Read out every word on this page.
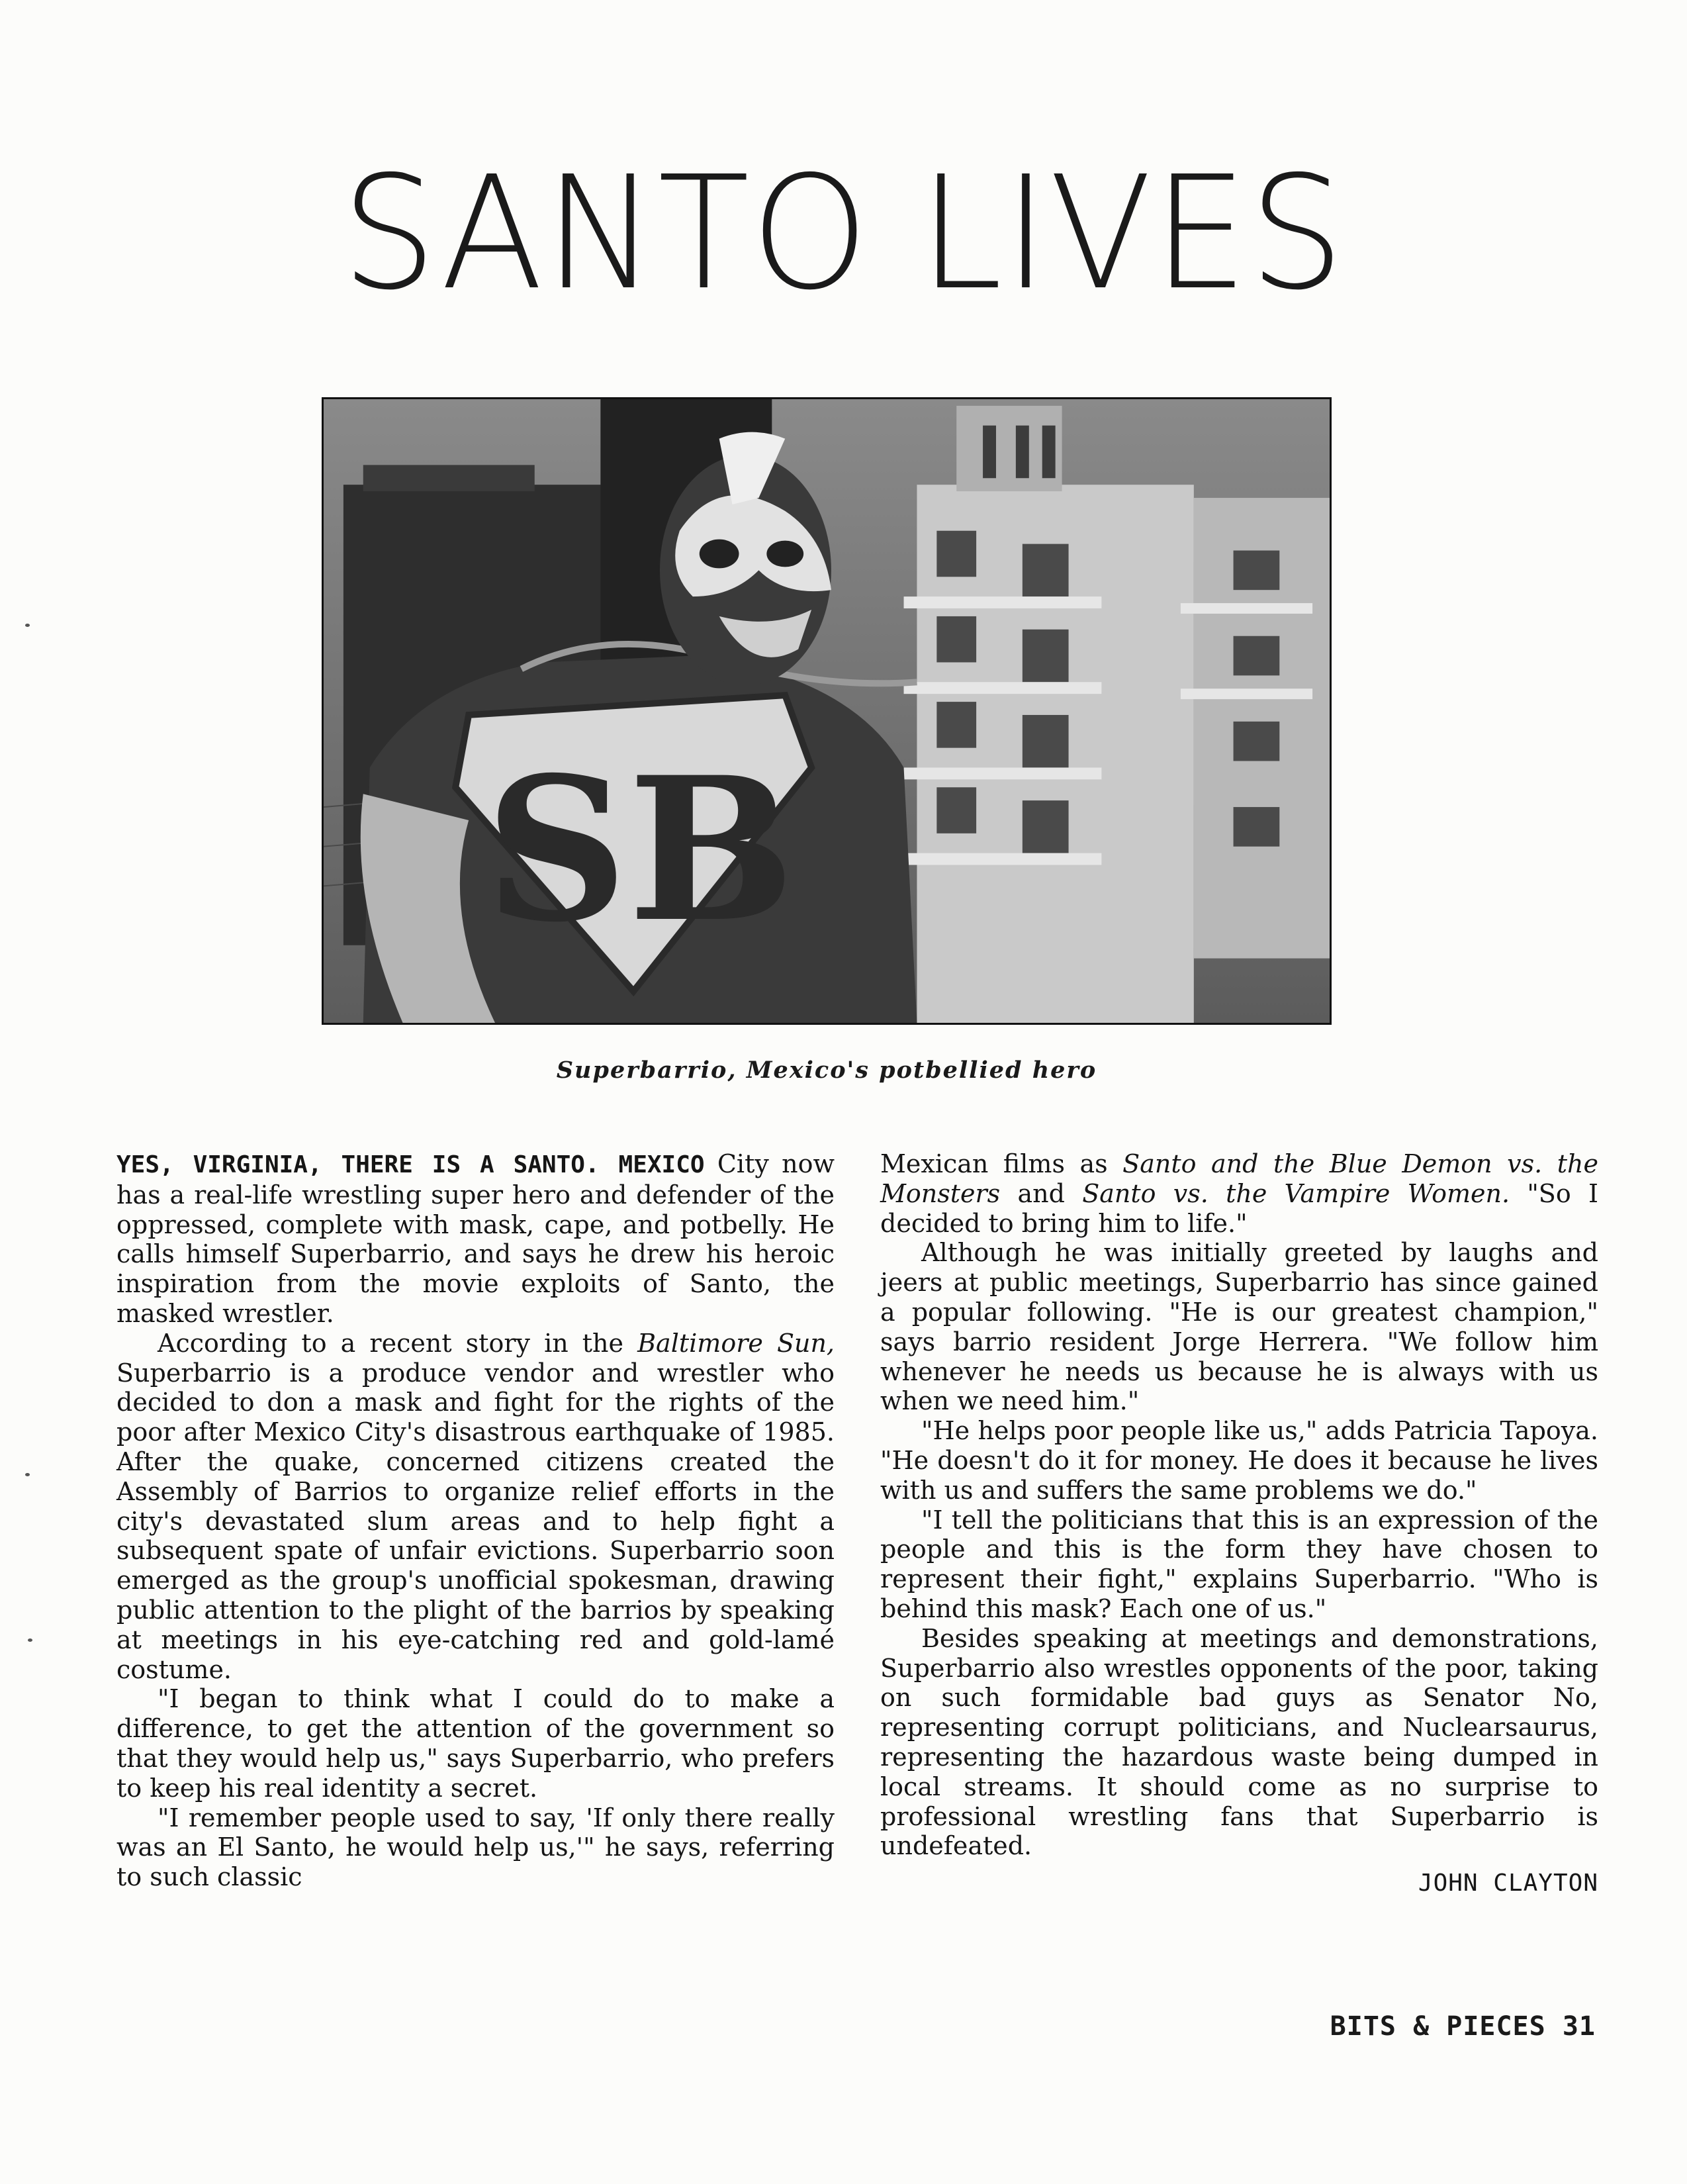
SANTO LIVES
SB
Superbarrio, Mexico's potbellied hero

YES, VIRGINIA, THERE IS A SANTO. MEXICO City now has a real-life wrestling super hero and defender of the oppressed, complete with mask, cape, and potbelly. He calls himself Superbarrio, and says he drew his heroic inspiration from the movie exploits of Santo, the masked wrestler.

According to a recent story in the Baltimore Sun, Superbarrio is a produce vendor and wrestler who decided to don a mask and fight for the rights of the poor after Mexico City's disastrous earthquake of 1985. After the quake, concerned citizens created the Assembly of Barrios to organize relief efforts in the city's devastated slum areas and to help fight a subsequent spate of unfair evictions. Superbarrio soon emerged as the group's unofficial spokesman, drawing public attention to the plight of the barrios by speaking at meetings in his eye-catching red and gold-lamé costume.

"I began to think what I could do to make a difference, to get the attention of the government so that they would help us," says Superbarrio, who prefers to keep his real identity a secret.

"I remember people used to say, 'If only there really was an El Santo, he would help us,'" he says, referring to such classic

Mexican films as Santo and the Blue Demon vs. the Monsters and Santo vs. the Vampire Women. "So I decided to bring him to life."

Although he was initially greeted by laughs and jeers at public meetings, Superbarrio has since gained a popular following. "He is our greatest champion," says barrio resident Jorge Herrera. "We follow him whenever he needs us because he is always with us when we need him."

"He helps poor people like us," adds Patricia Tapoya. "He doesn't do it for money. He does it because he lives with us and suffers the same problems we do."

"I tell the politicians that this is an expression of the people and this is the form they have chosen to represent their fight," explains Superbarrio. "Who is behind this mask? Each one of us."

Besides speaking at meetings and demonstrations, Superbarrio also wrestles opponents of the poor, taking on such formidable bad guys as Senator No, representing corrupt politicians, and Nuclearsaurus, representing the hazardous waste being dumped in local streams. It should come as no surprise to professional wrestling fans that Superbarrio is undefeated.

JOHN CLAYTON
BITS & PIECES 31
